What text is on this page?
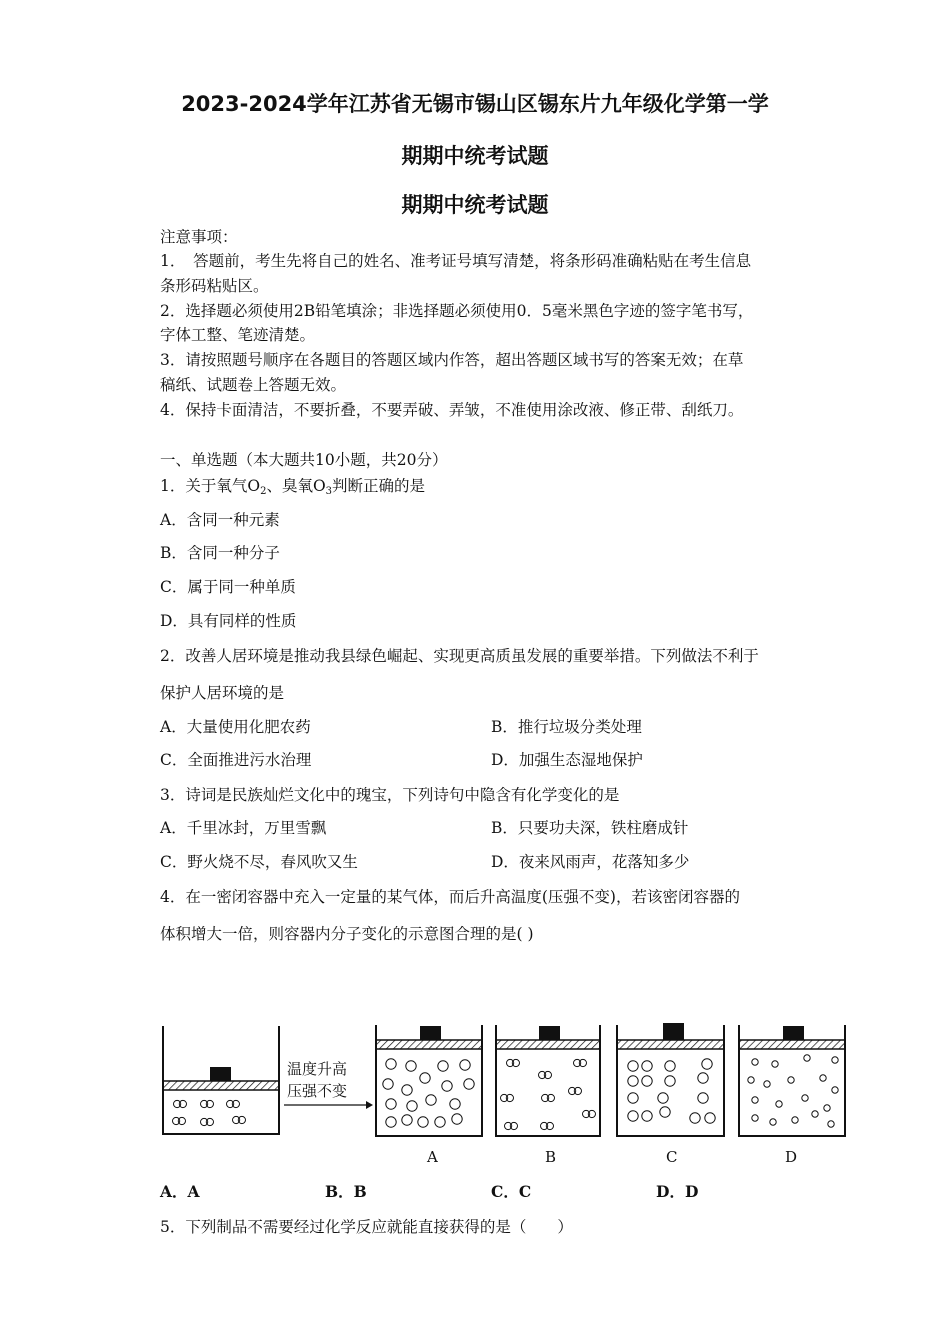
2023-2024学年江苏省无锡市锡山区锡东片九年级化学第一学
期期中统考试题
期期中统考试题
注意事项：
1．　答题前，考生先将自己的姓名、准考证号填写清楚，将条形码准确粘贴在考生信息
条形码粘贴区。
2．选择题必须使用2B铅笔填涂；非选择题必须使用0．5毫米黑色字迹的签字笔书写，
字体工整、笔迹清楚。
3．请按照题号顺序在各题目的答题区域内作答，超出答题区域书写的答案无效；在草
稿纸、试题卷上答题无效。
4．保持卡面清洁，不要折叠，不要弄破、弄皱，不准使用涂改液、修正带、刮纸刀。
一、单选题（本大题共10小题，共20分）
1．关于氧气$O_2$、臭氧$O_3$判断正确的是
A．含同一种元素
B．含同一种分子
C．属于同一种单质
D．具有同样的性质
2．改善人居环境是推动我县绿色崛起、实现更高质虽发展的重要举措。下列做法不利于
保护人居环境的是
A．大量使用化肥农药	B．推行垃圾分类处理
C．全面推进污水治理	D．加强生态湿地保护
3．诗词是民族灿烂文化中的瑰宝，下列诗句中隐含有化学变化的是
A．千里冰封，万里雪飘	B．只要功夫深，铁柱磨成针
C．野火烧不尽，春风吹又生	D．夜来风雨声，花落知多少
4．在一密闭容器中充入一定量的某气体，而后升高温度(压强不变)，若该密闭容器的
体积增大一倍，则容器内分子变化的示意图合理的是( )
温度升高
压强不变
A	B	C	D
A．A	B．B	C．C	D．D
5．下列制品不需要经过化学反应就能直接获得的是（　　）
